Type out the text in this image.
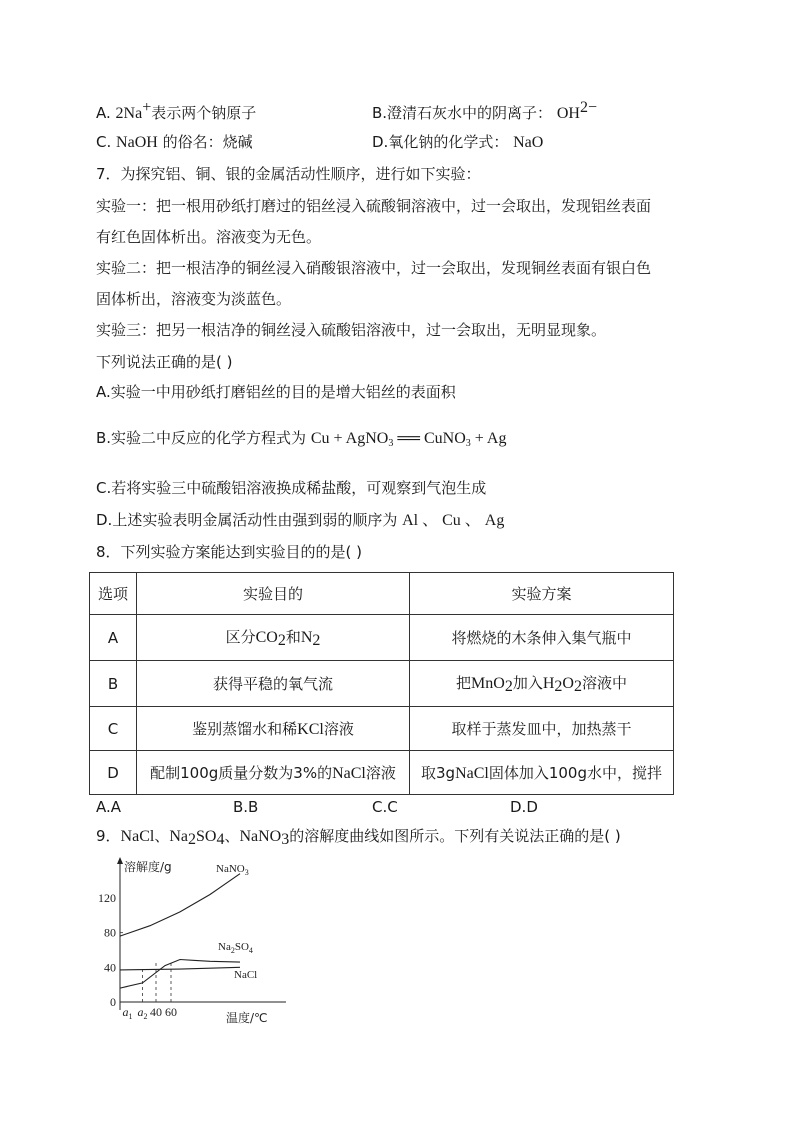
A. 2Na+表示两个钠原子	B.澄清石灰水中的阴离子： $OH^{2-}$
C. NaOH 的俗名：烧碱	D.氧化钠的化学式： NaO
7．为探究铝、铜、银的金属活动性顺序，进行如下实验：
实验一：把一根用砂纸打磨过的铝丝浸入硫酸铜溶液中，过一会取出，发现铝丝表面
有红色固体析出。溶液变为无色。
实验二：把一根洁净的铜丝浸入硝酸银溶液中，过一会取出，发现铜丝表面有银白色
固体析出，溶液变为淡蓝色。
实验三：把另一根洁净的铜丝浸入硫酸铝溶液中，过一会取出，无明显现象。
下列说法正确的是( )
A.实验一中用砂纸打磨铝丝的目的是增大铝丝的表面积
B.实验二中反应的化学方程式为 Cu + AgNO$_3$ ══ CuNO$_3$ + Ag
C.若将实验三中硫酸铝溶液换成稀盐酸，可观察到气泡生成
D.上述实验表明金属活动性由强到弱的顺序为 Al 、 Cu 、 Ag
8．下列实验方案能达到实验目的的是( )
选项	实验目的	实验方案
A	区分$CO_2$和$N_2$	将燃烧的木条伸入集气瓶中
B	获得平稳的氧气流	把MnO$_2$加入$H_2O_2$溶液中
C	鉴别蒸馏水和稀KCl溶液	取样于蒸发皿中，加热蒸干
D	配制100g质量分数为3%的NaCl溶液	取3gNaCl固体加入100g水中，搅拌
A.A	B.B	C.C	D.D
9．NaCl、$Na_2SO_4$、NaNO$_3$的溶解度曲线如图所示。下列有关说法正确的是( )
溶解度/g
温度/℃
120
80
40
0
$a_1$ $a_2$ 40 60
NaNO$_3$
$Na_2SO_4$
NaCl
